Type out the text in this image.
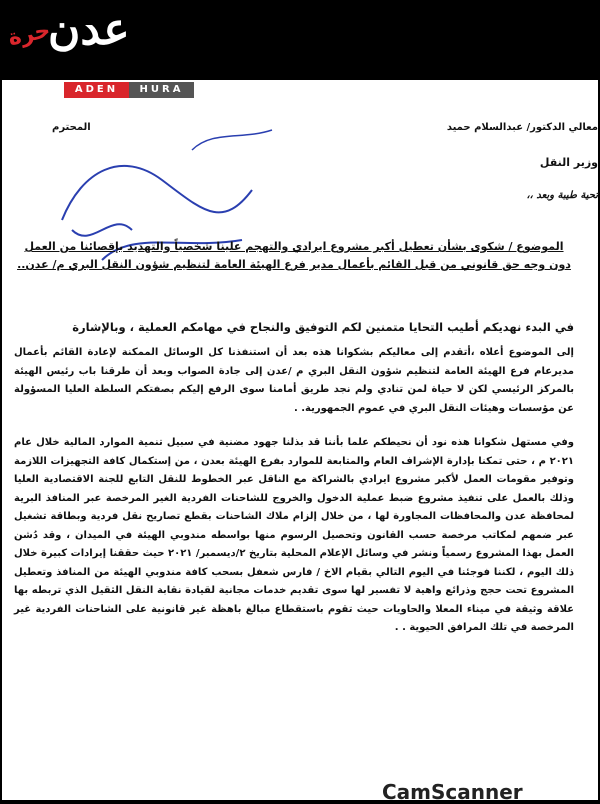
حرة
عدن
معالي الدكتور/ عبدالسلام حميد
المحترم
وزير النقل
تحية طيبة وبعد ،،
الموضوع / شكوى بشأن تعطيل أكبر مشروع ايرادي والتهجم علينا شخصياً والتهديد بإقصائنا من العمل دون وجه حق قانوني من قبل القائم بأعمال مدير فرع الهيئة العامة لتنظيم شؤون النقل البري م/ عدن..
في البدء نهديكم أطيب التحايا متمنين لكم التوفيق والنجاح في مهامكم العملية ، وبالإشارة
إلى الموضوع أعلاه ،أتقدم إلى معاليكم بشكوانا هذه بعد أن استنفذنا كل الوسائل الممكنة لإعادة القائم بأعمال مديرعام فرع الهيئة العامة لتنظيم شؤون النقل البري م /عدن إلى جادة الصواب وبعد أن طرقنا باب رئيس الهيئة بالمركز الرئيسي لكن لا حياة لمن تنادي ولم نجد طريق أمامنا سوى الرفع إليكم بصفتكم السلطة العليا المسؤولة عن مؤسسات وهيئات النقل البري في عموم الجمهورية. .
وفي مستهل شكوانا هذه نود أن نحيطكم علما بأننا قد بذلنا جهود مضنية في سبيل تنمية الموارد المالية خلال عام ٢٠٢١ م ، حتى تمكنا بإدارة الإشراف العام والمتابعة للموارد بفرع الهيئة بعدن ، من إستكمال كافة التجهيزات اللازمة وتوفير مقومات العمل لأكبر مشروع ايرادي بالشراكة مع الناقل عبر الخطوط للنقل التابع للجنة الاقتصادية العليا وذلك بالعمل على تنفيذ مشروع ضبط عملية الدخول والخروج للشاحنات الفردية الغير المرخصة عبر المنافذ البرية لمحافظة عدن والمحافظات المجاورة لها ، من خلال إلزام ملاك الشاحنات بقطع تصاريح نقل فردية وبطاقة تشغيل عبر ضمهم لمكاتب مرخصة حسب القانون وتحصيل الرسوم منها بواسطه مندوبي الهيئة في الميدان ، وقد دُشن العمل بهذا المشروع رسمياً ونشر في وسائل الإعلام المحلية بتاريخ ٢/ديسمبر/ ٢٠٢١ حيث حققنا إيرادات كبيرة خلال ذلك اليوم ، لكننا فوجئنا في اليوم التالي بقيام الاخ / فارس شعفل بسحب كافة مندوبي الهيئة من المنافذ وتعطيل المشروع تحت حجج وذرائع واهية لا تفسير لها سوى تقديم خدمات مجانية لقيادة نقابة النقل الثقيل الذي تربطه بها علاقة وثيقة في ميناء المعلا والحاويات حيث تقوم باستقطاع مبالغ باهظة غير قانونية على الشاحنات الفردية غير المرخصة في تلك المرافق الحيوية . .
CamScanner
ADEN	HURA
